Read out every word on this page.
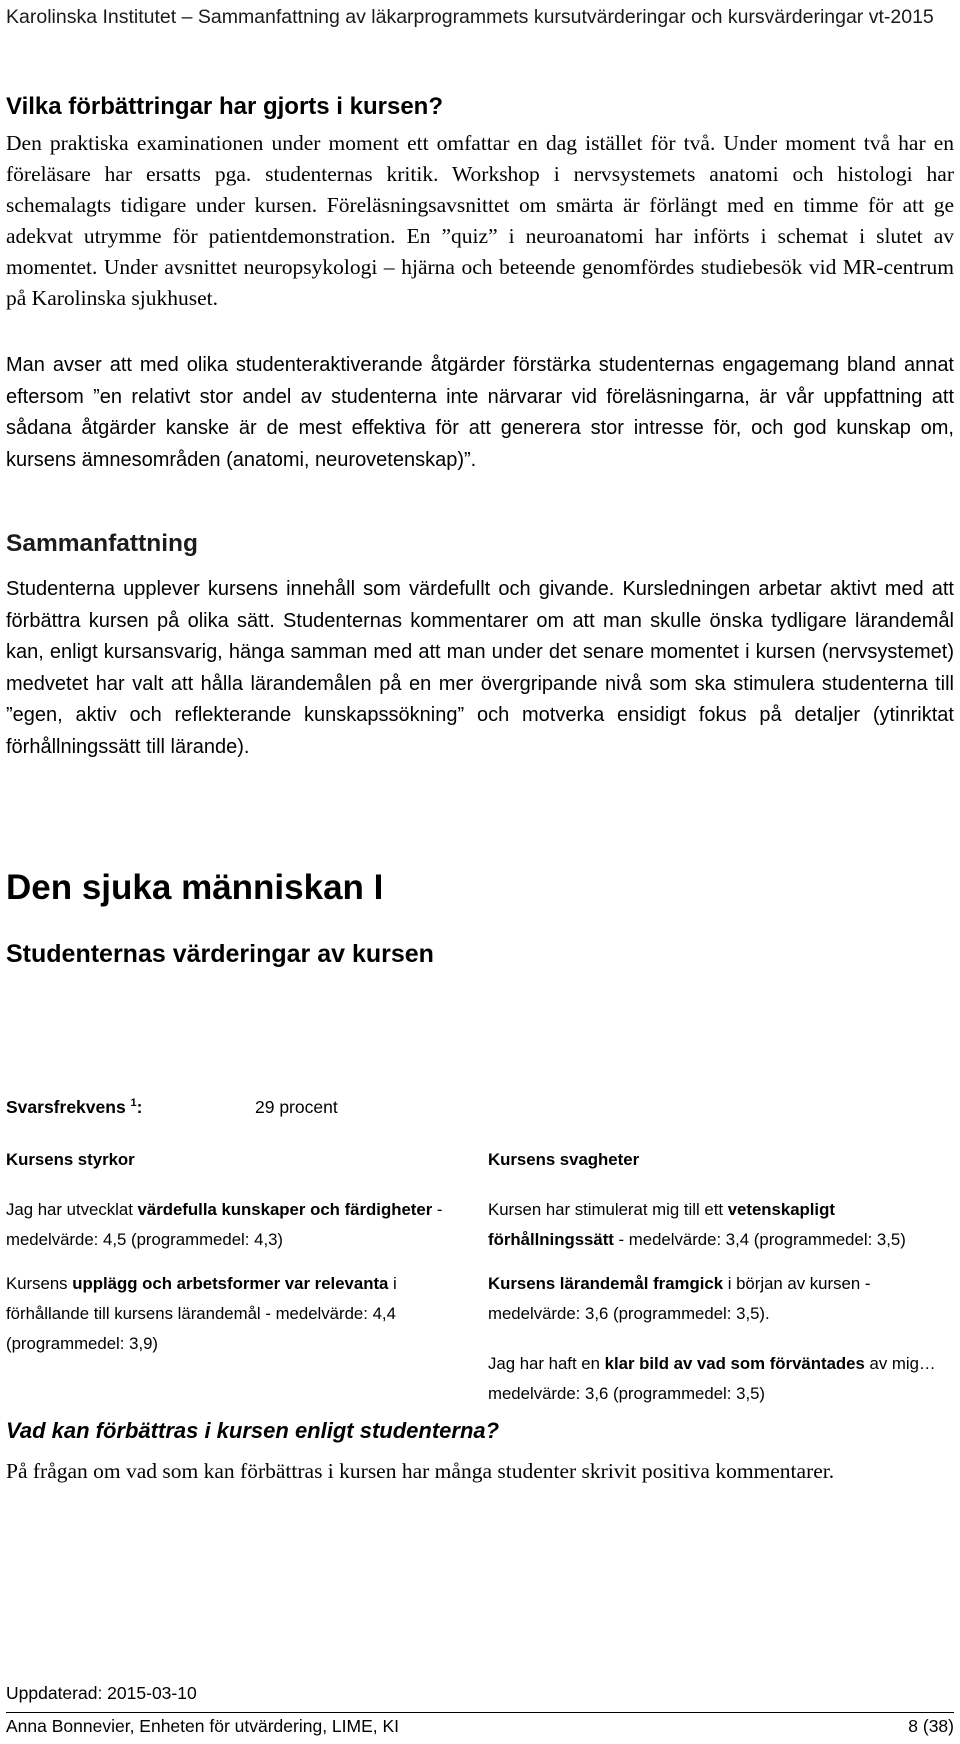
Karolinska Institutet – Sammanfattning av läkarprogrammets kursutvärderingar och kursvärderingar vt-2015
Vilka förbättringar har gjorts i kursen?

Den praktiska examinationen under moment ett omfattar en dag istället för två. Under moment två har en föreläsare har ersatts pga. studenternas kritik. Workshop i nervsystemets anatomi och histologi har schemalagts tidigare under kursen. Föreläsningsavsnittet om smärta är förlängt med en timme för att ge adekvat utrymme för patientdemonstration. En ”quiz” i neuroanatomi har införts i schemat i slutet av momentet. Under avsnittet neuropsykologi – hjärna och beteende genomfördes studiebesök vid MR-centrum på Karolinska sjukhuset.

Man avser att med olika studenteraktiverande åtgärder förstärka studenternas engagemang bland annat eftersom ”en relativt stor andel av studenterna inte närvarar vid föreläsningarna, är vår uppfattning att sådana åtgärder kanske är de mest effektiva för att generera stor intresse för, och god kunskap om, kursens ämnesområden (anatomi, neurovetenskap)”.

Sammanfattning

Studenterna upplever kursens innehåll som värdefullt och givande. Kursledningen arbetar aktivt med att förbättra kursen på olika sätt. Studenternas kommentarer om att man skulle önska tydligare lärandemål kan, enligt kursansvarig, hänga samman med att man under det senare momentet i kursen (nervsystemet) medvetet har valt att hålla lärandemålen på en mer övergripande nivå som ska stimulera studenterna till ”egen, aktiv och reflekterande kunskapssökning” och motverka ensidigt fokus på detaljer (ytinriktat förhållningssätt till lärande).

Den sjuka människan I
Studenternas värderingar av kursen
Svarsfrekvens $^1$:	29 procent
Kursens styrkor

Jag har utvecklat värdefulla kunskaper och färdigheter - medelvärde: 4,5 (programmedel: 4,3)

Kursens upplägg och arbetsformer var relevanta i förhållande till kursens lärandemål - medelvärde: 4,4 (programmedel: 3,9)

Kursens svagheter

Kursen har stimulerat mig till ett vetenskapligt förhållningssätt - medelvärde: 3,4 (programmedel: 3,5)

Kursens lärandemål framgick i början av kursen - medelvärde: 3,6 (programmedel: 3,5).

Jag har haft en klar bild av vad som förväntades av mig… medelvärde: 3,6 (programmedel: 3,5)

Vad kan förbättras i kursen enligt studenterna?

På frågan om vad som kan förbättras i kursen har många studenter skrivit positiva kommentarer.

Uppdaterad: 2015-03-10
Anna Bonnevier, Enheten för utvärdering, LIME, KI	8 (38)
